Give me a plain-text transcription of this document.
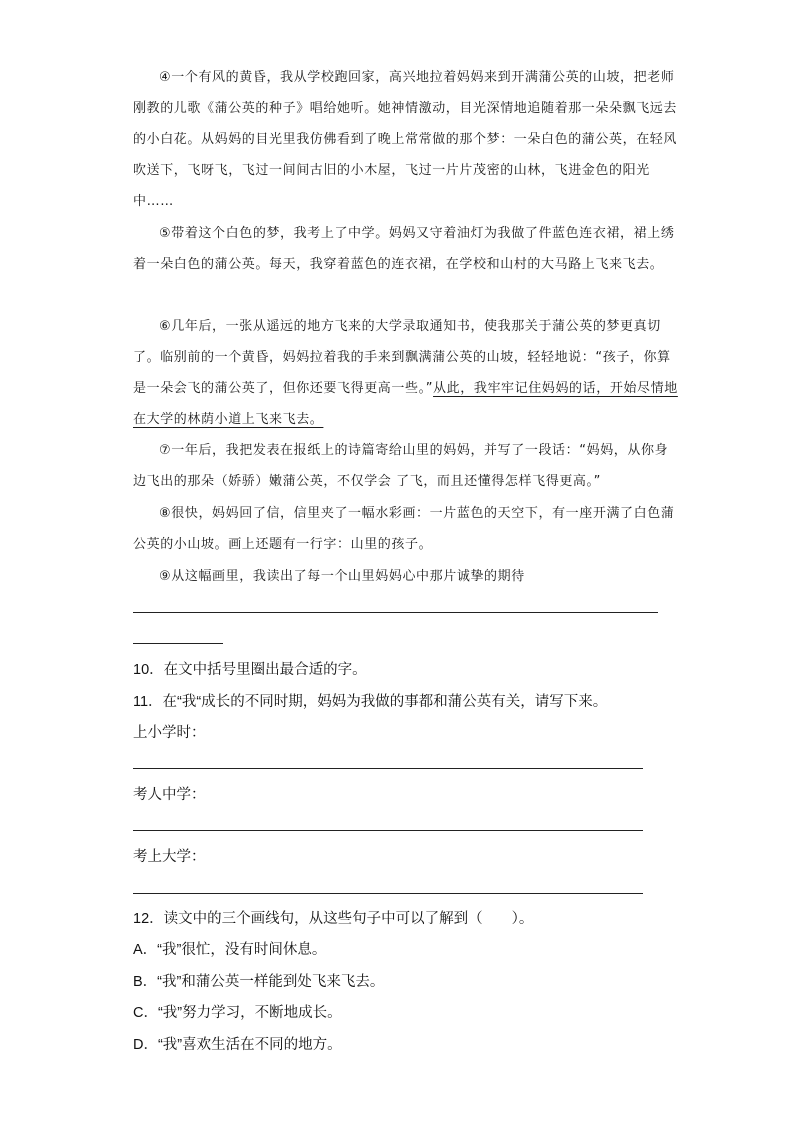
④一个有风的黄昏，我从学校跑回家，高兴地拉着妈妈来到开满蒲公英的山坡，把老师刚教的儿歌《蒲公英的种子》唱给她听。她神情激动，目光深情地追随着那一朵朵飘飞远去的小白花。从妈妈的目光里我仿佛看到了晚上常常做的那个梦：一朵白色的蒲公英，在轻风吹送下，飞呀飞，飞过一间间古旧的小木屋，飞过一片片茂密的山林，飞进金色的阳光中……
⑤带着这个白色的梦，我考上了中学。妈妈又守着油灯为我做了件蓝色连衣裙，裙上绣着一朵白色的蒲公英。每天，我穿着蓝色的连衣裙，在学校和山村的大马路上飞来飞去。
⑥几年后，一张从遥远的地方飞来的大学录取通知书，使我那关于蒲公英的梦更真切了。临别前的一个黄昏，妈妈拉着我的手来到飘满蒲公英的山坡，轻轻地说：“孩子，你算是一朵会飞的蒲公英了，但你还要飞得更高一些。”从此，我牢牢记住妈妈的话，开始尽情地在大学的林荫小道上飞来飞去。
⑦一年后，我把发表在报纸上的诗篇寄给山里的妈妈，并写了一段话：“妈妈，从你身边飞出的那朵（娇骄）嫩蒲公英，不仅学会 了飞，而且还懂得怎样飞得更高。”
⑧很快，妈妈回了信，信里夹了一幅水彩画：一片蓝色的天空下，有一座开满了白色蒲公英的小山坡。画上还题有一行字：山里的孩子。
⑨从这幅画里，我读出了每一个山里妈妈心中那片诚挚的期待
10．在文中括号里圈出最合适的字。
11．在“我“成长的不同时期，妈妈为我做的事都和蒲公英有关，请写下来。
上小学时：
考人中学：
考上大学：
12．读文中的三个画线句，从这些句子中可以了解到（　　）。
A．“我”很忙，没有时间休息。
B．“我”和蒲公英一样能到处飞来飞去。
C．“我”努力学习，不断地成长。
D．“我”喜欢生活在不同的地方。
